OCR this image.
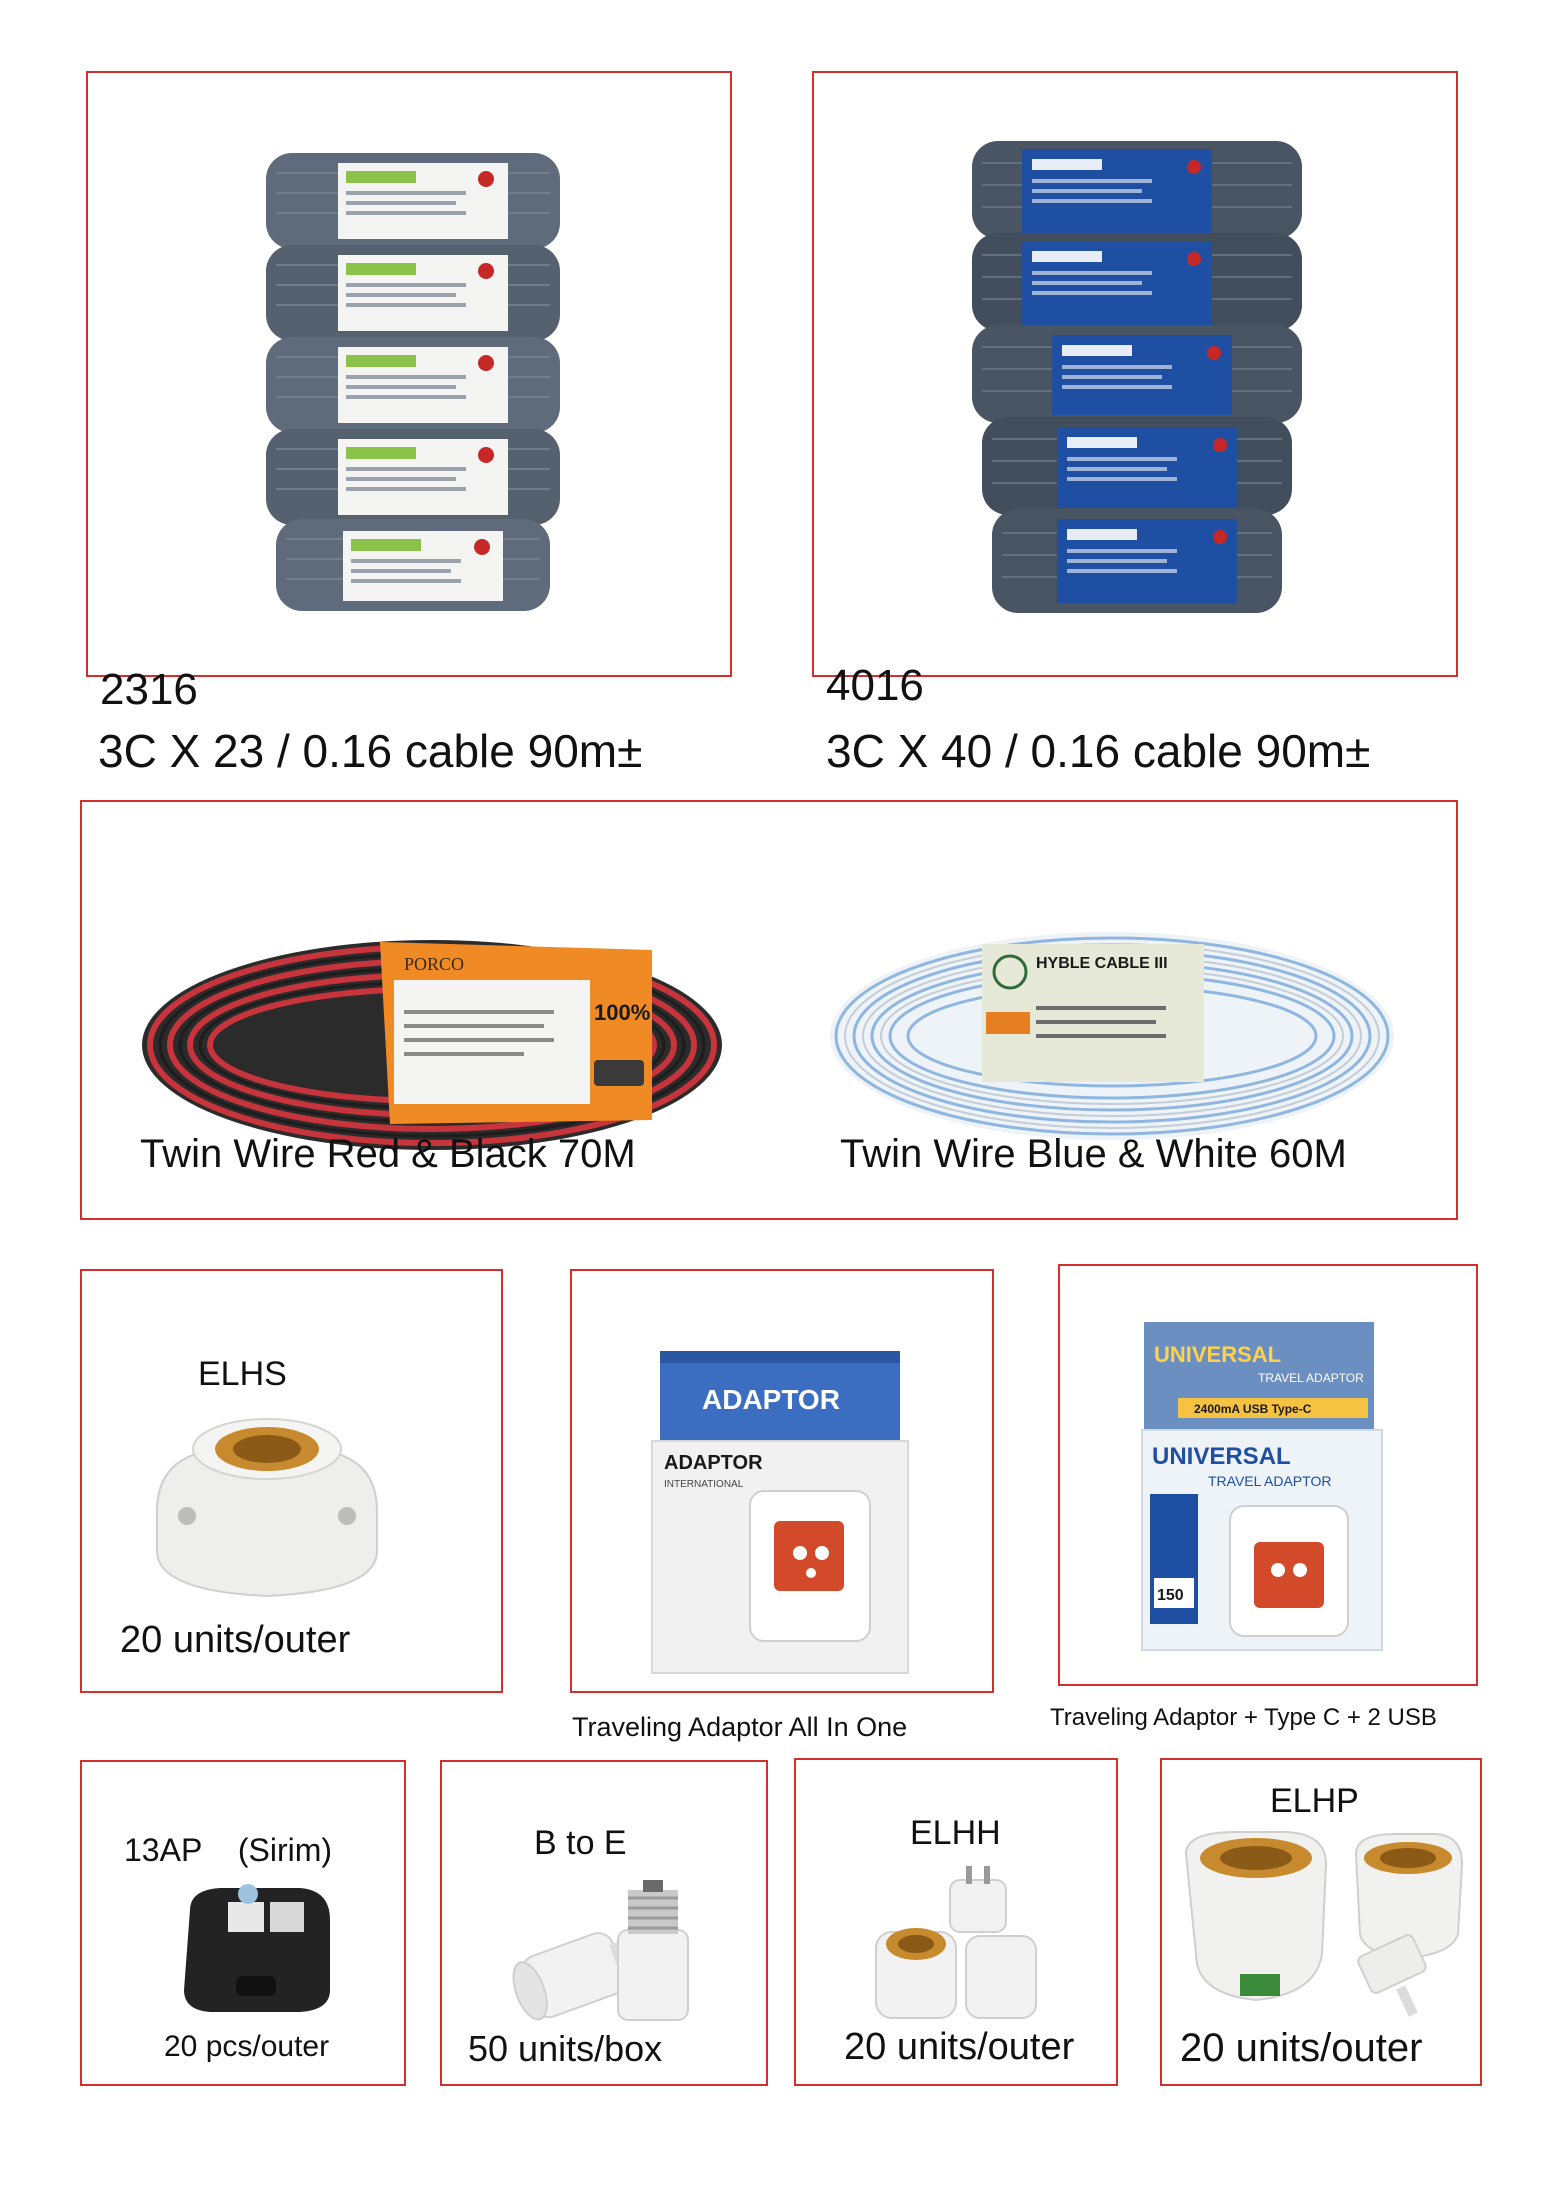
2316
3C X 23 / 0.16 cable 90m±
4016
3C X 40 / 0.16 cable 90m±
PORCO
100%
Twin Wire Red & Black 70M
HYBLE CABLE III
Twin Wire Blue & White 60M
ELHS
20 units/outer
ADAPTOR
ADAPTOR
INTERNATIONAL
Traveling Adaptor All In One
UNIVERSAL
TRAVEL ADAPTOR
2400mA USB Type-C
UNIVERSAL
TRAVEL ADAPTOR
150
Traveling Adaptor + Type C + 2 USB
13AP (Sirim)
20 pcs/outer
B to E
50 units/box
ELHH
20 units/outer
ELHP
20 units/outer
